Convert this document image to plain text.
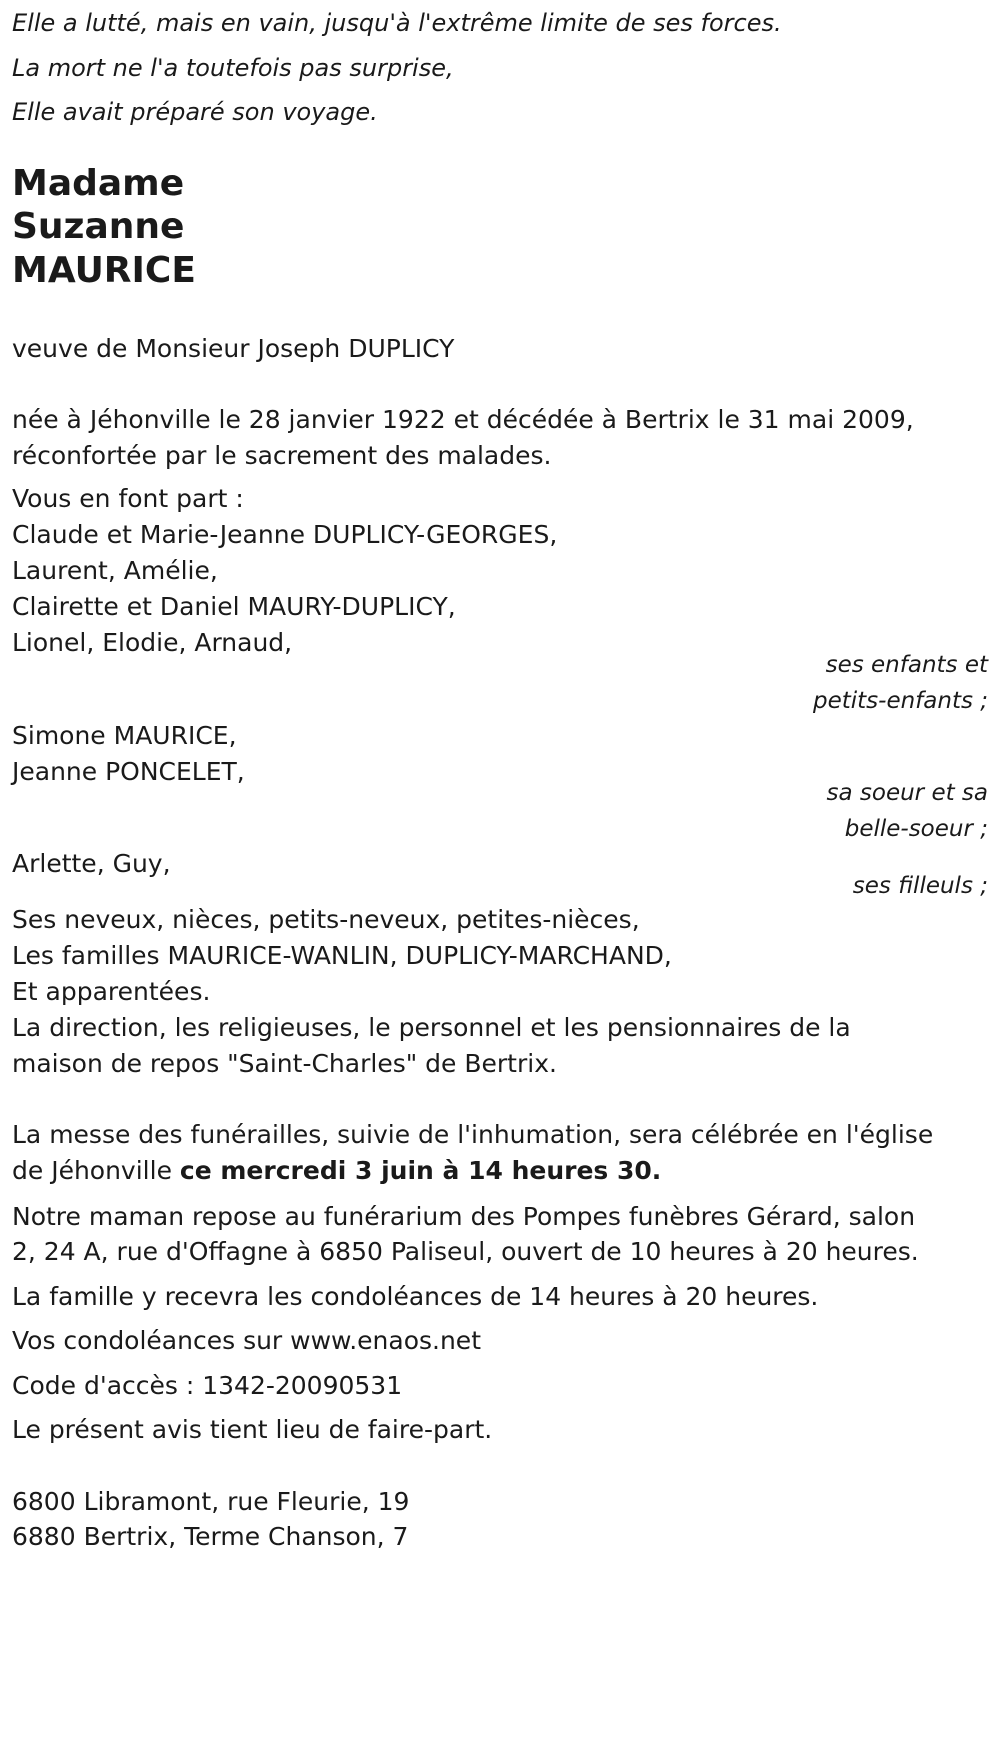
Elle a lutté, mais en vain, jusqu'à l'extrême limite de ses forces.
La mort ne l'a toutefois pas surprise,
Elle avait préparé son voyage.
Madame
Suzanne
MAURICE
veuve de Monsieur Joseph DUPLICY
née à Jéhonville le 28 janvier 1922 et décédée à Bertrix le 31 mai 2009,
réconfortée par le sacrement des malades.
Vous en font part :
Claude et Marie-Jeanne DUPLICY-GEORGES,
Laurent, Amélie,
Clairette et Daniel MAURY-DUPLICY,
Lionel, Elodie, Arnaud,
ses enfants et
petits-enfants ;
Simone MAURICE,
Jeanne PONCELET,
sa soeur et sa
belle-soeur ;
Arlette, Guy,
ses filleuls ;
Ses neveux, nièces, petits-neveux, petites-nièces,
Les familles MAURICE-WANLIN, DUPLICY-MARCHAND,
Et apparentées.
La direction, les religieuses, le personnel et les pensionnaires de la
maison de repos "Saint-Charles" de Bertrix.
La messe des funérailles, suivie de l'inhumation, sera célébrée en l'église
de Jéhonville ce mercredi 3 juin à 14 heures 30.
Notre maman repose au funérarium des Pompes funèbres Gérard, salon
2, 24 A, rue d'Offagne à 6850 Paliseul, ouvert de 10 heures à 20 heures.
La famille y recevra les condoléances de 14 heures à 20 heures.
Vos condoléances sur www.enaos.net
Code d'accès : 1342-20090531
Le présent avis tient lieu de faire-part.
6800 Libramont, rue Fleurie, 19
6880 Bertrix, Terme Chanson, 7
